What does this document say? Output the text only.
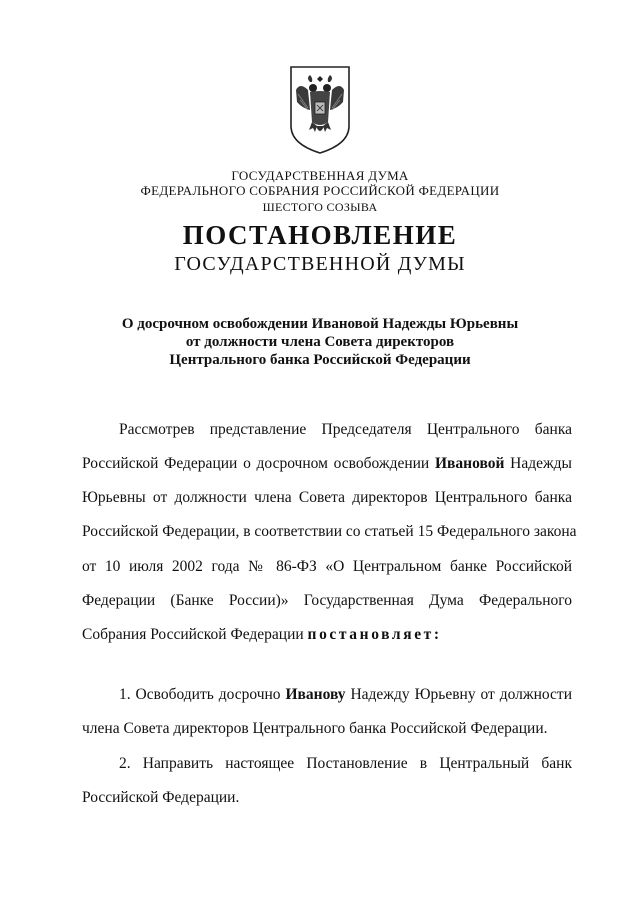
ГОСУДАРСТВЕННАЯ ДУМА
ФЕДЕРАЛЬНОГО СОБРАНИЯ РОССИЙСКОЙ ФЕДЕРАЦИИ
ШЕСТОГО СОЗЫВА
ПОСТАНОВЛЕНИЕ
ГОСУДАРСТВЕННОЙ ДУМЫ
О досрочном освобождении Ивановой Надежды Юрьевны
от должности члена Совета директоров
Центрального банка Российской Федерации
Рассмотрев представление Председателя Центрального банка
Российской Федерации о досрочном освобождении Ивановой Надежды
Юрьевны от должности члена Совета директоров Центрального банка
Российской Федерации, в соответствии со статьей 15 Федерального закона
от 10 июля 2002 года № 86-ФЗ «О Центральном банке Российской
Федерации (Банке России)» Государственная Дума Федерального
Собрания Российской Федерации постановляет:
1. Освободить досрочно Иванову Надежду Юрьевну от должности
члена Совета директоров Центрального банка Российской Федерации.
2. Направить настоящее Постановление в Центральный банк
Российской Федерации.
